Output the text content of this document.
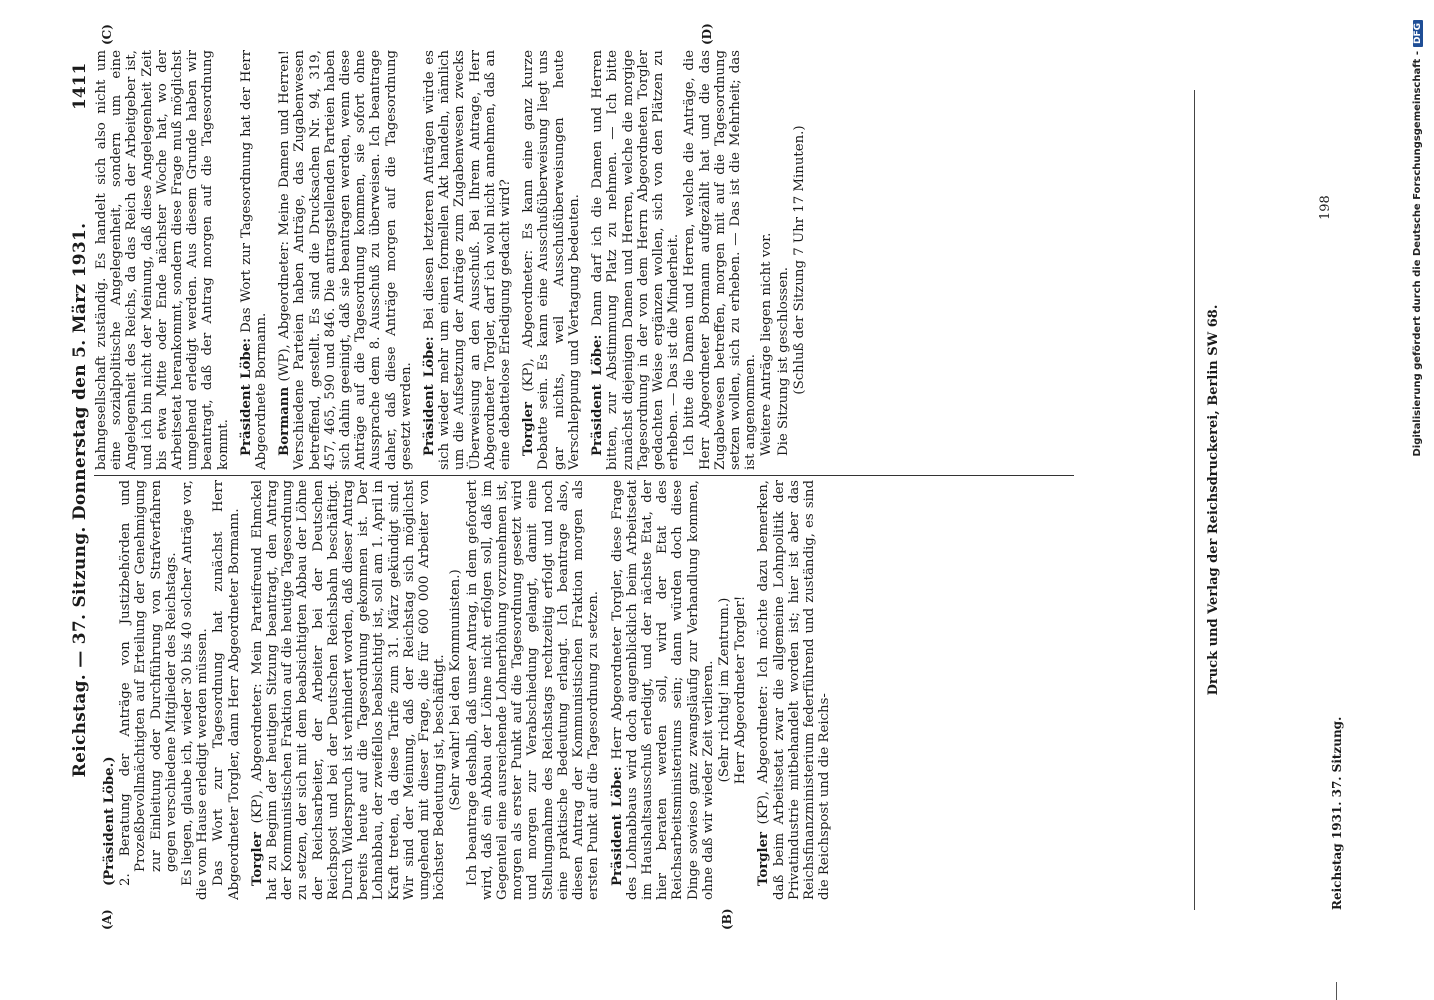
Reichstag. — 37. Sitzung. Donnerstag den 5. März 1931.
1411
(A)	(B)
(C)	(D)

(Präsident Löbe.) 2. Beratung der Anträge von Justizbehörden und Prozeßbevollmächtigten auf Erteilung der Genehmigung zur Einleitung oder Durchführung von Strafverfahren gegen verschiedene Mitglieder des Reichstags. Es liegen, glaube ich, wieder 30 bis 40 solcher Anträge vor, die vom Hause erledigt werden müssen. Das Wort zur Tagesordnung hat zunächst Herr Abgeordneter Torgler, dann Herr Abgeordneter Bormann. Torgler (KP), Abgeordneter: Mein Parteifreund Ehmckel hat zu Beginn der heutigen Sitzung beantragt, den Antrag der Kommunistischen Fraktion auf die heutige Tagesordnung zu setzen, der sich mit dem beabsichtigten Abbau der Löhne der Reichsarbeiter, der Arbeiter bei der Deutschen Reichspost und bei der Deutschen Reichsbahn beschäftigt. Durch Widerspruch ist verhindert worden, daß dieser Antrag bereits heute auf die Tagesordnung gekommen ist. Der Lohnabbau, der zweifellos beabsichtigt ist, soll am 1. April in Kraft treten, da diese Tarife zum 31. März gekündigt sind. Wir sind der Meinung, daß der Reichstag sich möglichst umgehend mit dieser Frage, die für 600 000 Arbeiter von höchster Bedeutung ist, beschäftigt. (Sehr wahr! bei den Kommunisten.) Ich beantrage deshalb, daß unser Antrag, in dem gefordert wird, daß ein Abbau der Löhne nicht erfolgen soll, daß im Gegenteil eine ausreichende Lohnerhöhung vorzunehmen ist, morgen als erster Punkt auf die Tagesordnung gesetzt wird und morgen zur Verabschiedung gelangt, damit eine Stellungnahme des Reichstags rechtzeitig erfolgt und noch eine praktische Bedeutung erlangt. Ich beantrage also, diesen Antrag der Kommunistischen Fraktion morgen als ersten Punkt auf die Tagesordnung zu setzen. Präsident Löbe: Herr Abgeordneter Torgler, diese Frage des Lohnabbaus wird doch augenblicklich beim Arbeitsetat im Haushaltsausschuß erledigt, und der nächste Etat, der hier beraten werden soll, wird der Etat des Reichsarbeitsministeriums sein; dann würden doch diese Dinge sowieso ganz zwangsläufig zur Verhandlung kommen, ohne daß wir wieder Zeit verlieren. (Sehr richtig! im Zentrum.) Herr Abgeordneter Torgler!

Torgler (KP), Abgeordneter: Ich möchte dazu bemerken, daß beim Arbeitsetat zwar die allgemeine Lohnpolitik der Privatindustrie mitbehandelt worden ist; hier ist aber das Reichsfinanzministerium federführend und zuständig, es sind die Reichspost und die Reichs-

bahngesellschaft zuständig. Es handelt sich also nicht um eine sozialpolitische Angelegenheit, sondern um eine Angelegenheit des Reichs, da das Reich der Arbeitgeber ist, und ich bin nicht der Meinung, daß diese Angelegenheit Zeit bis etwa Mitte oder Ende nächster Woche hat, wo der Arbeitsetat herankommt, sondern diese Frage muß möglichst umgehend erledigt werden. Aus diesem Grunde haben wir beantragt, daß der Antrag morgen auf die Tagesordnung kommt. Präsident Löbe: Das Wort zur Tagesordnung hat der Herr Abgeordnete Bormann. Bormann (WP), Abgeordneter: Meine Damen und Herren! Verschiedene Parteien haben Anträge, das Zugabenwesen betreffend, gestellt. Es sind die Drucksachen Nr. 94, 319, 457, 465, 590 und 846. Die antragstellenden Parteien haben sich dahin geeinigt, daß sie beantragen werden, wenn diese Anträge auf die Tagesordnung kommen, sie sofort ohne Aussprache dem 8. Ausschuß zu überweisen. Ich beantrage daher, daß diese Anträge morgen auf die Tagesordnung gesetzt werden. Präsident Löbe: Bei diesen letzteren Anträgen würde es sich wieder mehr um einen formellen Akt handeln, nämlich um die Aufsetzung der Anträge zum Zugabenwesen zwecks Überweisung an den Ausschuß. Bei Ihrem Antrage, Herr Abgeordneter Torgler, darf ich wohl nicht annehmen, daß an eine debattelose Erledigung gedacht wird? Torgler (KP), Abgeordneter: Es kann eine ganz kurze Debatte sein. Es kann eine Ausschußüberweisung liegt uns gar nichts, weil Ausschußüberweisungen heute Verschleppung und Vertagung bedeuten. Präsident Löbe: Dann darf ich die Damen und Herren bitten, zur Abstimmung Platz zu nehmen. — Ich bitte zunächst diejenigen Damen und Herren, welche die morgige Tagesordnung in der von dem Herrn Abgeordneten Torgler gedachten Weise ergänzen wollen, sich von den Plätzen zu erheben. — Das ist die Minderheit. Ich bitte die Damen und Herren, welche die Anträge, die Herr Abgeordneter Bormann aufgezählt hat und die das Zugabewesen betreffen, morgen mit auf die Tagesordnung setzen wollen, sich zu erheben. — Das ist die Mehrheit; das ist angenommen. Weitere Anträge liegen nicht vor. Die Sitzung ist geschlossen. (Schluß der Sitzung 7 Uhr 17 Minuten.)

Druck und Verlag der Reichsdruckerei, Berlin SW 68.
Reichstag 1931. 37. Sitzung.
198	Digitalisierung gefördert durch die Deutsche Forschungsgemeinschaft -DFG
